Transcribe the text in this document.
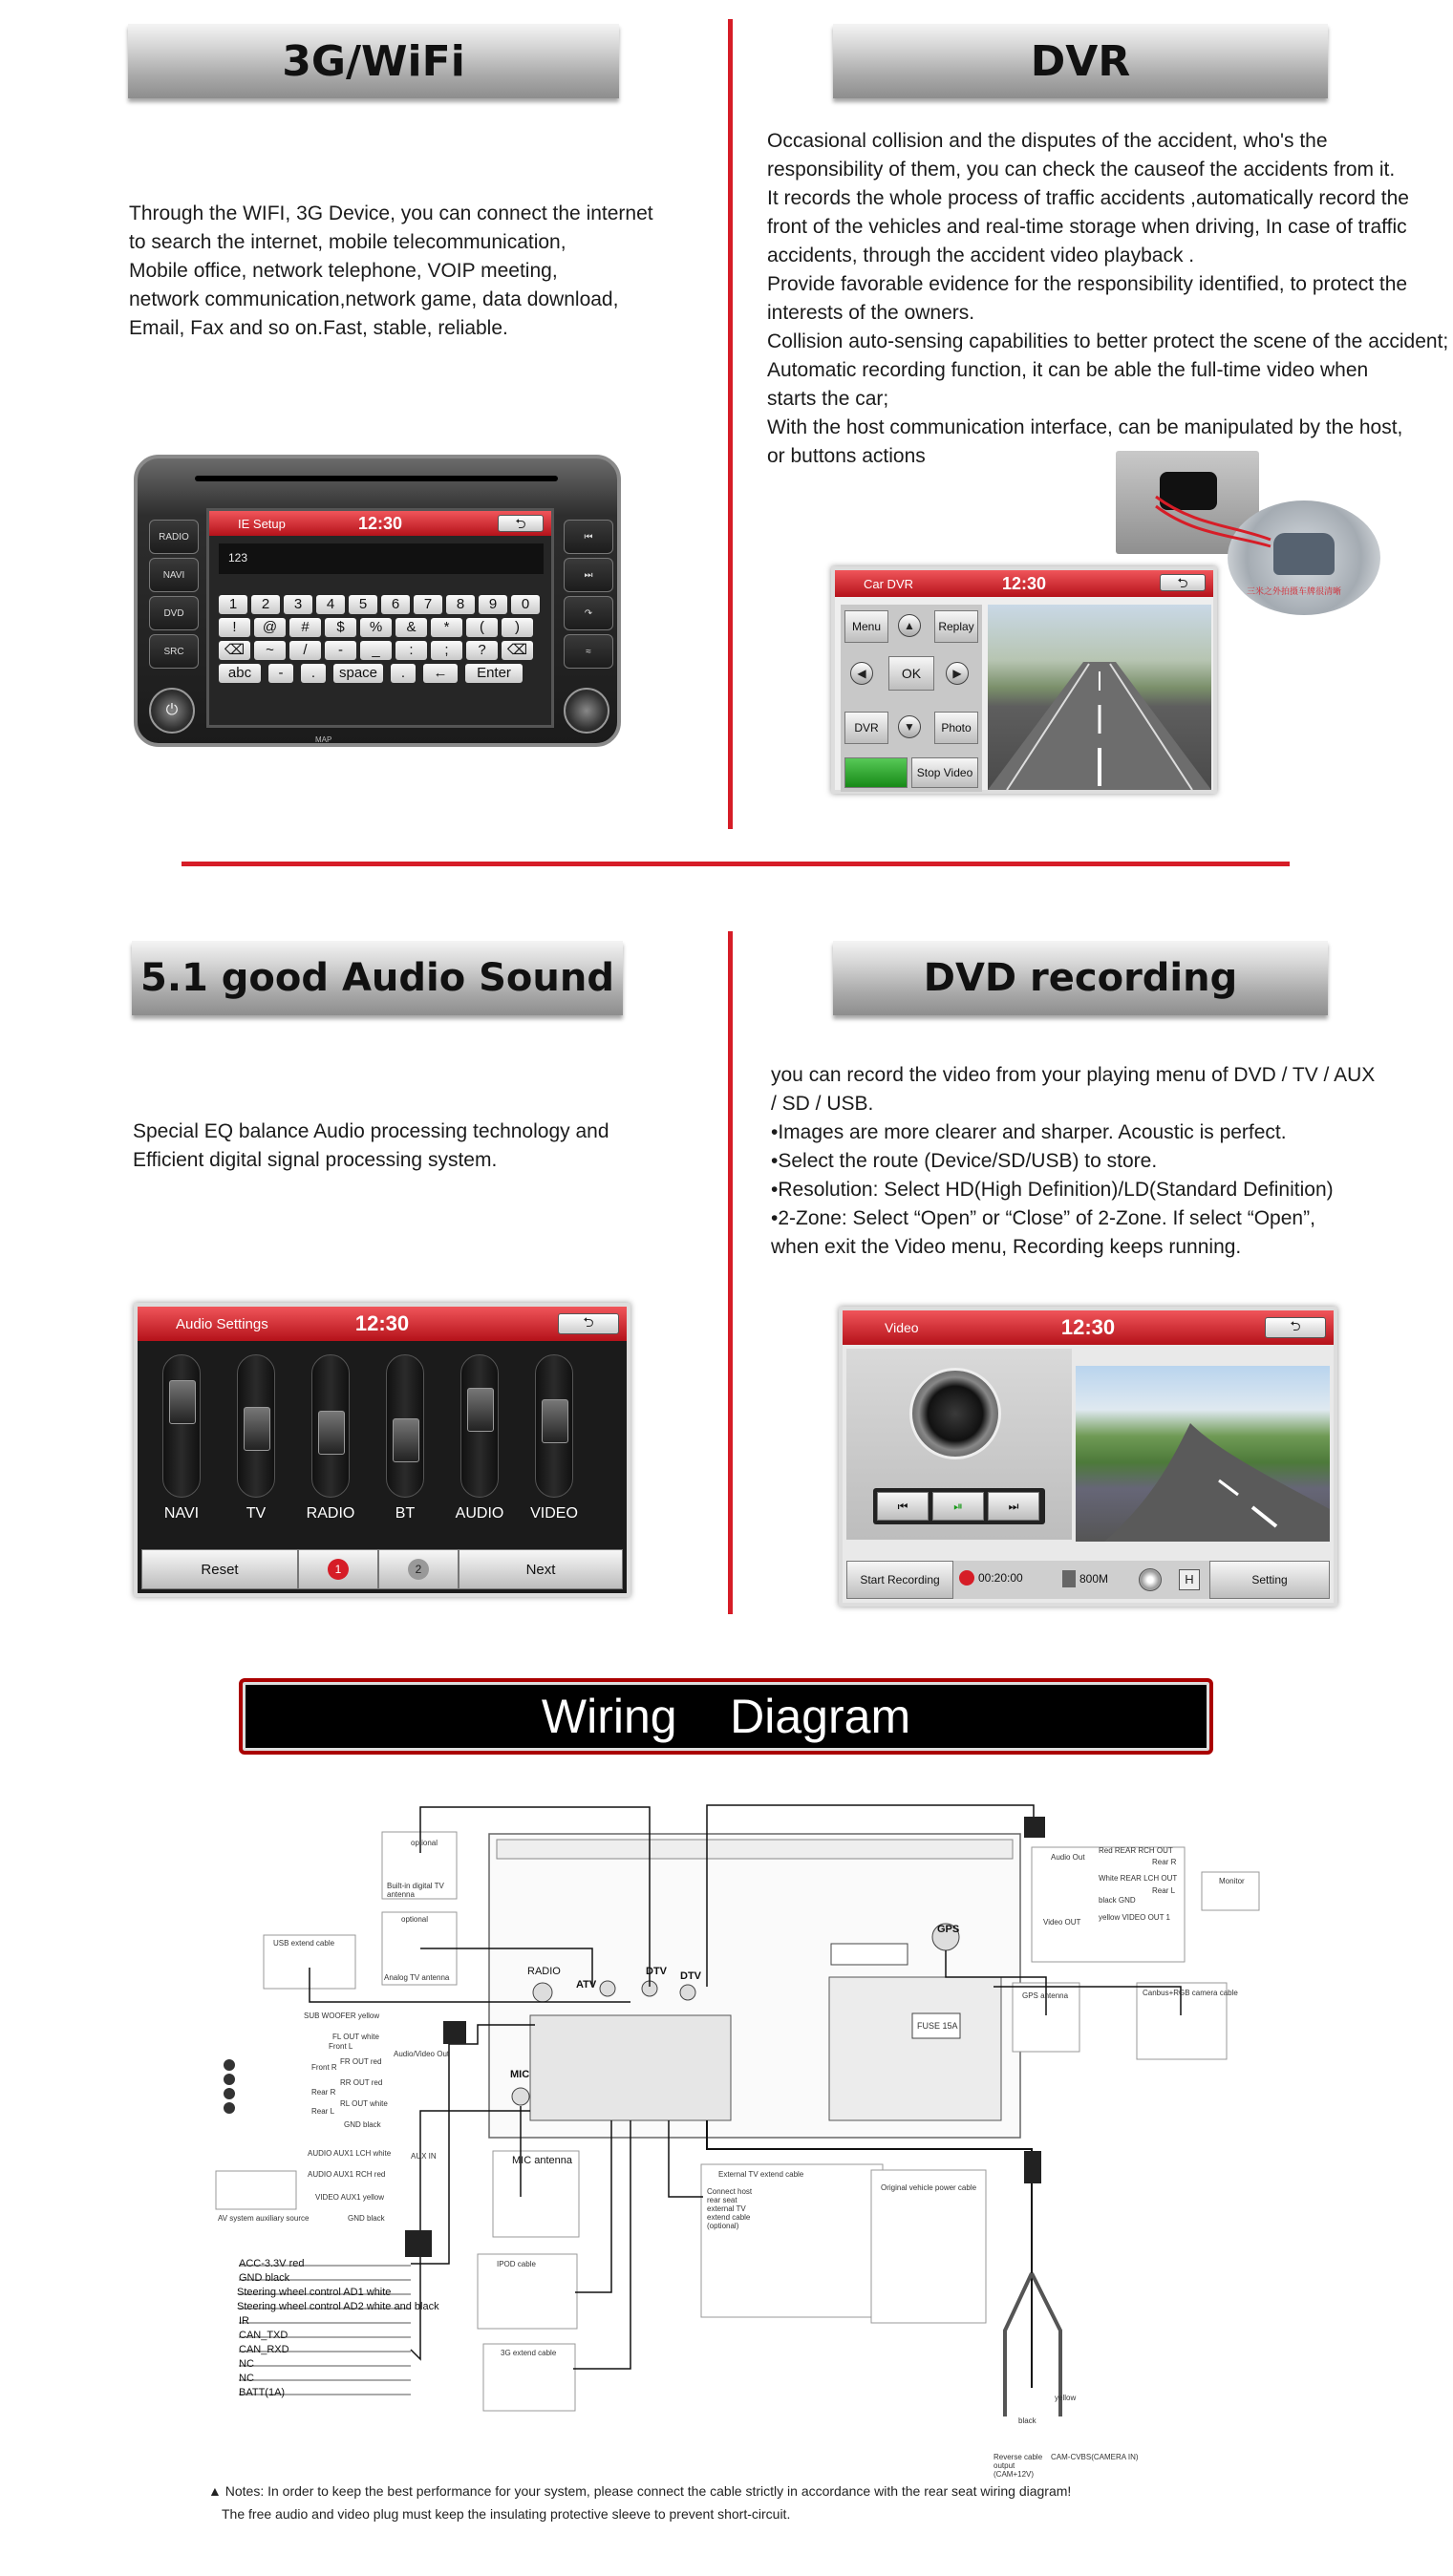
3G/WiFi
Through the WIFI, 3G Device, you can connect the internet
to search the internet, mobile telecommunication,
Mobile office, network telephone, VOIP meeting,
network communication,network game, data download,
Email, Fax and so on.Fast, stable, reliable.
RADIO
NAVI
DVD
SRC
⏻
⏮
⏭
↷
≈
MAP
IE Setup	12:30	⮌
123
1	2	3	4	5	6	7	8	9	0
!	@	#	$	%	&	*	(	)
⌫	~	/	-	_	:	;	?	⌫
abc	-	.	space	.	←	Enter
DVR
Occasional collision and the disputes of the accident, who's the
responsibility of them, you can check the causeof the accidents from it.
It records the whole process of traffic accidents ,automatically record the
front of the vehicles and real-time storage when driving, In case of traffic
accidents, through the accident video playback .
Provide favorable evidence for the responsibility identified, to protect the
interests of the owners.
Collision auto-sensing capabilities to better protect the scene of the accident;
Automatic recording function, it can be able the full-time video when
starts the car;
With the host communication interface, can be manipulated by the host,
or buttons actions
三米之外拍摄车牌很清晰
Car DVR	12:30	⮌
Menu	▲	Replay
◀	OK	▶
DVR	▼	Photo
Stop Video
5.1 good Audio Sound
Special EQ balance Audio processing technology and
Efficient digital signal processing system.
Audio Settings	12:30	⮌
NAVI	TV	RADIO	BT	AUDIO	VIDEO
Reset	1	2	Next
DVD recording
you can record the video from your playing menu of DVD / TV / AUX
/ SD / USB.
•Images are more clearer and sharper. Acoustic is perfect.
•Select the route (Device/SD/USB) to store.
•Resolution: Select HD(High Definition)/LD(Standard Definition)
•2-Zone: Select “Open” or “Close” of 2-Zone. If select “Open”,
when exit the Video menu, Recording keeps running.
Video	12:30	⮌
⏮	⏯	⏭
Start Recording	00:20:00	800M	H	Setting
Wiring    Diagram
optional
Built-in digital TV antenna
optional
Analog TV antenna
USB extend cable
Audio Out
Red REAR RCH OUT
Rear R
White REAR LCH OUT
Rear L
black GND
Video OUT
yellow VIDEO OUT 1
Monitor
RADIO
ATV
DTV DTV
GPS
GPS antenna	Canbus+RGB camera cable
FUSE 15A
MIC
MIC antenna
SUB WOOFER yellow
FL OUT white
Front L
Front R
FR OUT red
RR OUT red
Rear R
RL OUT white
Rear L
GND black
Audio/Video Out
AUDIO AUX1 LCH white
AUDIO AUX1 RCH red
VIDEO AUX1 yellow
GND black
AUX IN
AV system auxiliary source
ACC-3.3V red
GND black
Steering wheel control AD1 white
Steering wheel control AD2 white and black
IR
CAN_TXD
CAN_RXD
NC
NC
BATT(1A)
IPOD cable
3G extend cable
External TV extend cable
Connect host rear seat external TV extend cable (optional)
Original vehicle power cable
Reverse cable output (CAM+12V)
CAM-CVBS(CAMERA IN)
black
yellow
▲ Notes: In order to keep the best performance for your system, please connect the cable strictly in accordance with the rear seat wiring diagram!
The free audio and video plug must keep the insulating protective sleeve to prevent short-circuit.
